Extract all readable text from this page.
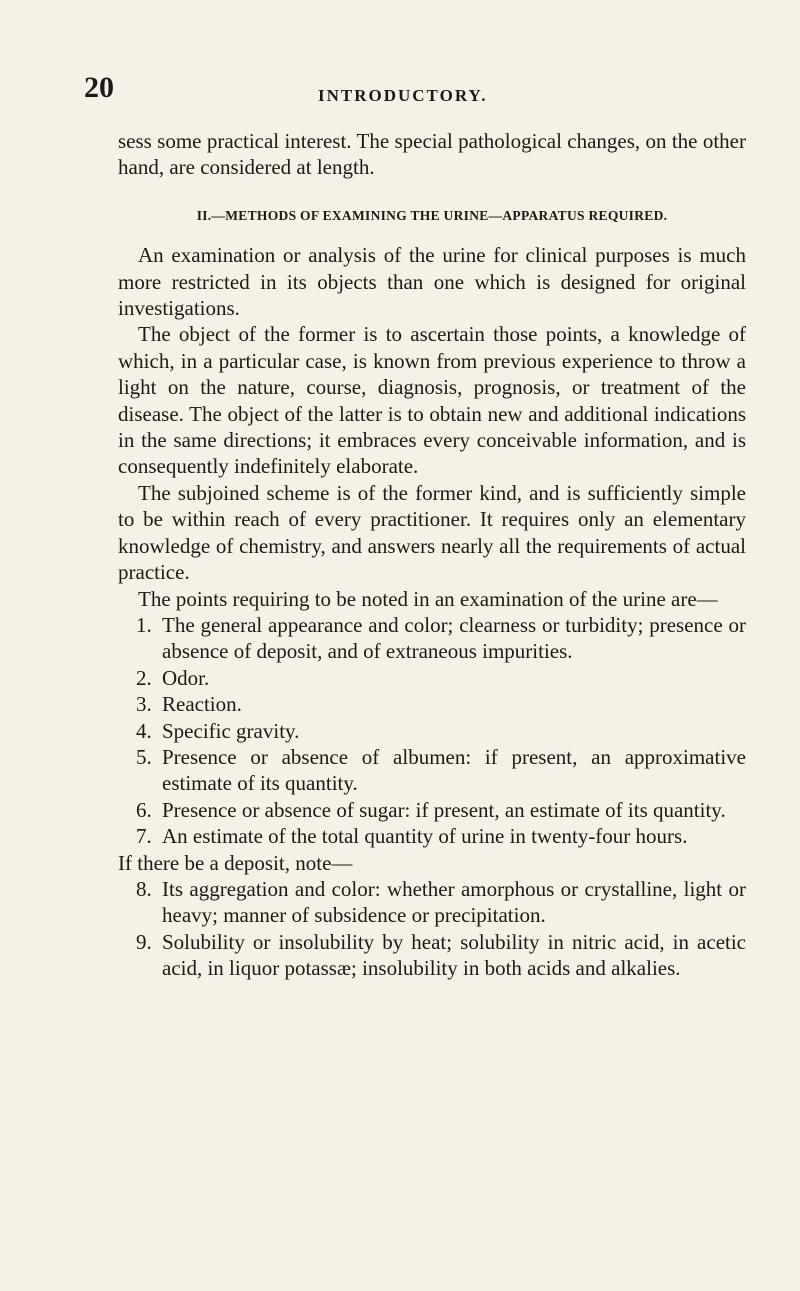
20	INTRODUCTORY.

sess some practical interest. The special pathological changes, on the other hand, are considered at length.

II.—METHODS OF EXAMINING THE URINE—APPARATUS REQUIRED.

An examination or analysis of the urine for clinical purposes is much more restricted in its objects than one which is designed for original investigations.

The object of the former is to ascertain those points, a knowledge of which, in a particular case, is known from previous experience to throw a light on the nature, course, diagnosis, prognosis, or treatment of the disease. The object of the latter is to obtain new and additional indications in the same directions; it embraces every conceivable information, and is consequently indefinitely elaborate.

The subjoined scheme is of the former kind, and is sufficiently simple to be within reach of every practitioner. It requires only an elementary knowledge of chemistry, and answers nearly all the requirements of actual practice.

The points requiring to be noted in an examination of the urine are—

1. The general appearance and color; clearness or turbidity; presence or absence of deposit, and of extraneous impurities.
2. Odor.
3. Reaction.
4. Specific gravity.
5. Presence or absence of albumen: if present, an approximative estimate of its quantity.
6. Presence or absence of sugar: if present, an estimate of its quantity.
7. An estimate of the total quantity of urine in twenty-four hours.

If there be a deposit, note—

8. Its aggregation and color: whether amorphous or crystalline, light or heavy; manner of subsidence or precipitation.
9. Solubility or insolubility by heat; solubility in nitric acid, in acetic acid, in liquor potassæ; insolubility in both acids and alkalies.
